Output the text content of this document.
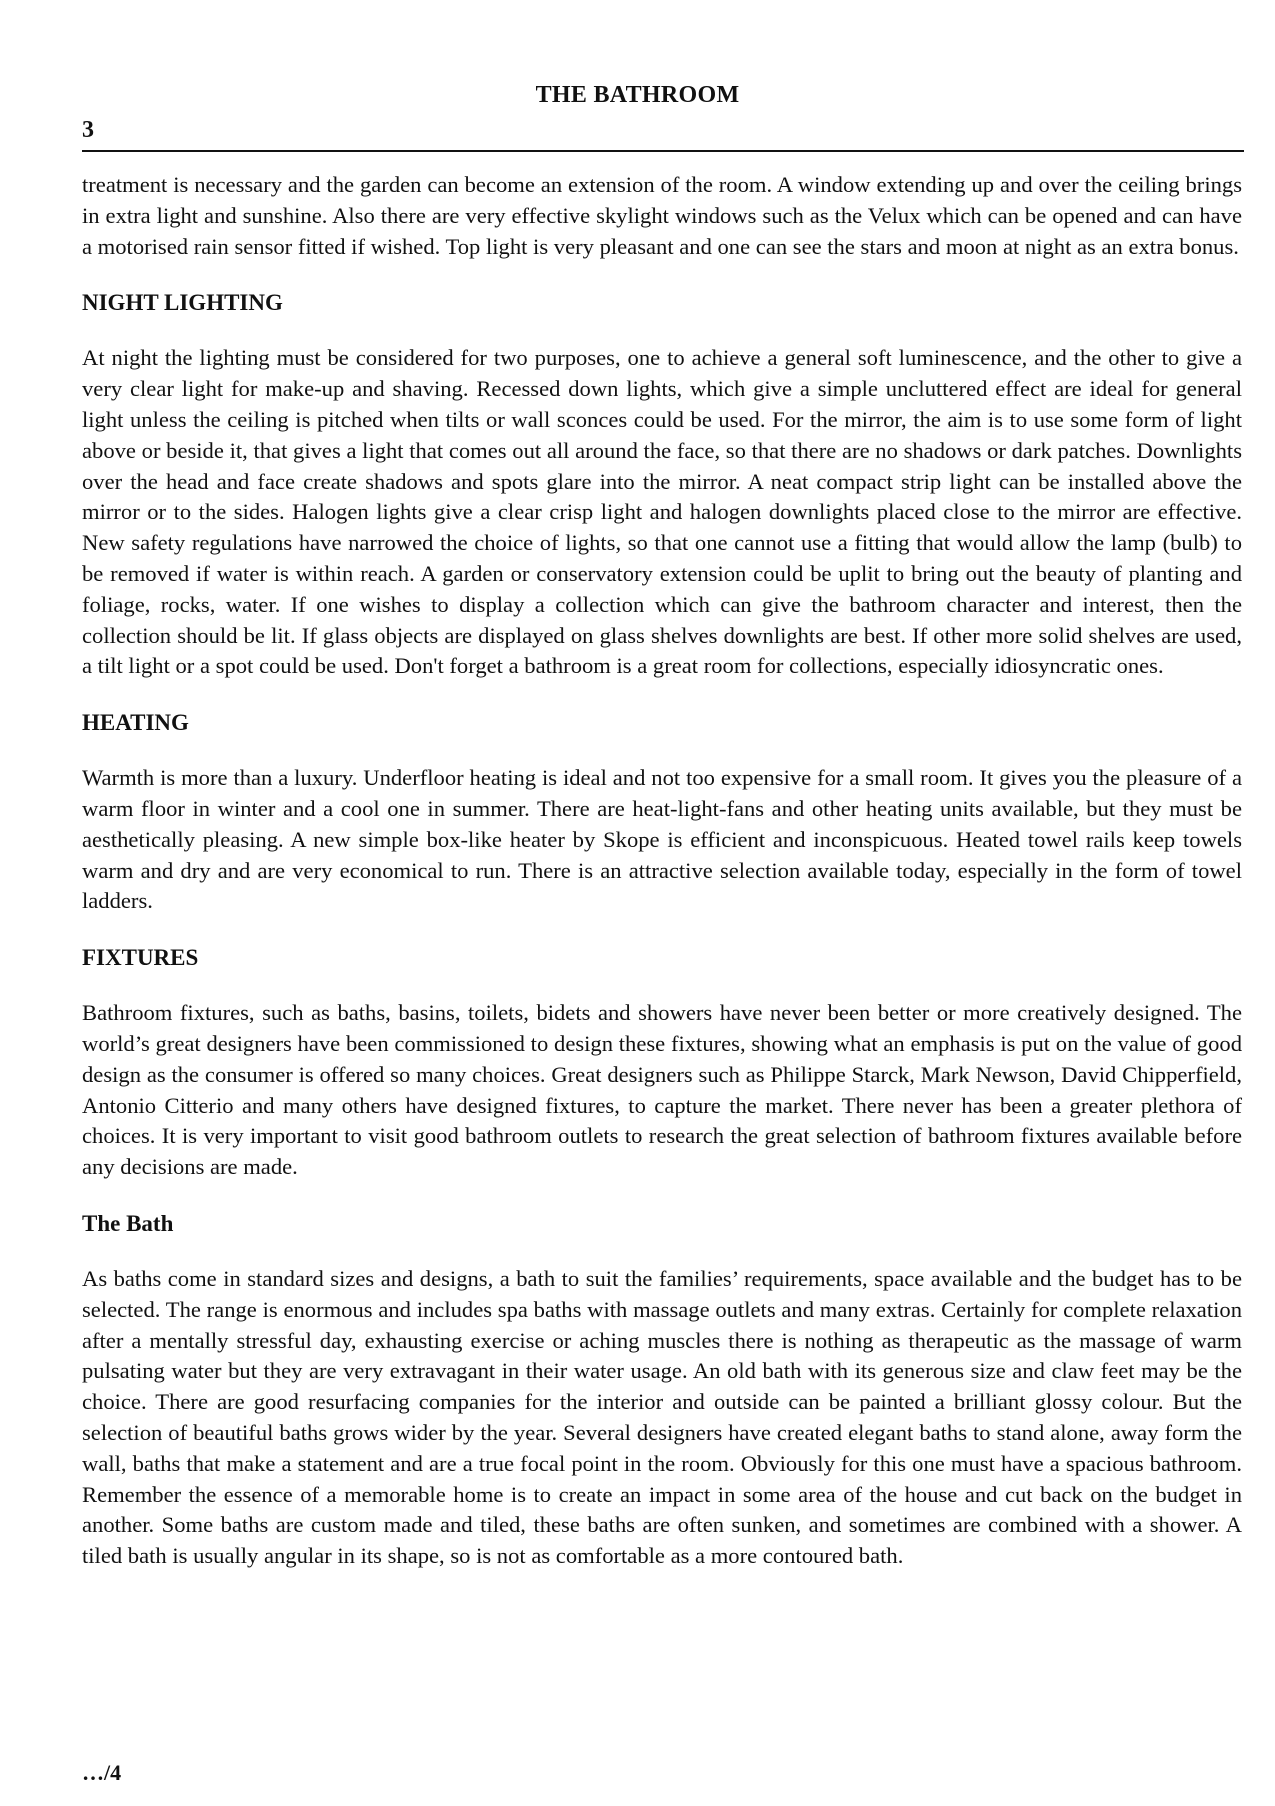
THE BATHROOM
3

treatment is necessary and the garden can become an extension of the room. A window extending up and over the ceiling brings in extra light and sunshine. Also there are very effective skylight windows such as the Velux which can be opened and can have a motorised rain sensor fitted if wished. Top light is very pleasant and one can see the stars and moon at night as an extra bonus.

NIGHT LIGHTING

At night the lighting must be considered for two purposes, one to achieve a general soft luminescence, and the other to give a very clear light for make-up and shaving. Recessed down lights, which give a simple uncluttered effect are ideal for general light unless the ceiling is pitched when tilts or wall sconces could be used. For the mirror, the aim is to use some form of light above or beside it, that gives a light that comes out all around the face, so that there are no shadows or dark patches. Downlights over the head and face create shadows and spots glare into the mirror. A neat compact strip light can be installed above the mirror or to the sides. Halogen lights give a clear crisp light and halogen downlights placed close to the mirror are effective. New safety regulations have narrowed the choice of lights, so that one cannot use a fitting that would allow the lamp (bulb) to be removed if water is within reach. A garden or conservatory extension could be uplit to bring out the beauty of planting and foliage, rocks, water. If one wishes to display a collection which can give the bathroom character and interest, then the collection should be lit. If glass objects are displayed on glass shelves downlights are best. If other more solid shelves are used, a tilt light or a spot could be used. Don't forget a bathroom is a great room for collections, especially idiosyncratic ones.

HEATING

Warmth is more than a luxury. Underfloor heating is ideal and not too expensive for a small room. It gives you the pleasure of a warm floor in winter and a cool one in summer. There are heat-light-fans and other heating units available, but they must be aesthetically pleasing. A new simple box-like heater by Skope is efficient and inconspicuous. Heated towel rails keep towels warm and dry and are very economical to run. There is an attractive selection available today, especially in the form of towel ladders.

FIXTURES

Bathroom fixtures, such as baths, basins, toilets, bidets and showers have never been better or more creatively designed. The world’s great designers have been commissioned to design these fixtures, showing what an emphasis is put on the value of good design as the consumer is offered so many choices. Great designers such as Philippe Starck, Mark Newson, David Chipperfield, Antonio Citterio and many others have designed fixtures, to capture the market. There never has been a greater plethora of choices. It is very important to visit good bathroom outlets to research the great selection of bathroom fixtures available before any decisions are made.

The Bath

As baths come in standard sizes and designs, a bath to suit the families’ requirements, space available and the budget has to be selected. The range is enormous and includes spa baths with massage outlets and many extras. Certainly for complete relaxation after a mentally stressful day, exhausting exercise or aching muscles there is nothing as therapeutic as the massage of warm pulsating water but they are very extravagant in their water usage. An old bath with its generous size and claw feet may be the choice. There are good resurfacing companies for the interior and outside can be painted a brilliant glossy colour. But the selection of beautiful baths grows wider by the year. Several designers have created elegant baths to stand alone, away form the wall, baths that make a statement and are a true focal point in the room. Obviously for this one must have a spacious bathroom. Remember the essence of a memorable home is to create an impact in some area of the house and cut back on the budget in another. Some baths are custom made and tiled, these baths are often sunken, and sometimes are combined with a shower. A tiled bath is usually angular in its shape, so is not as comfortable as a more contoured bath.

…/4
